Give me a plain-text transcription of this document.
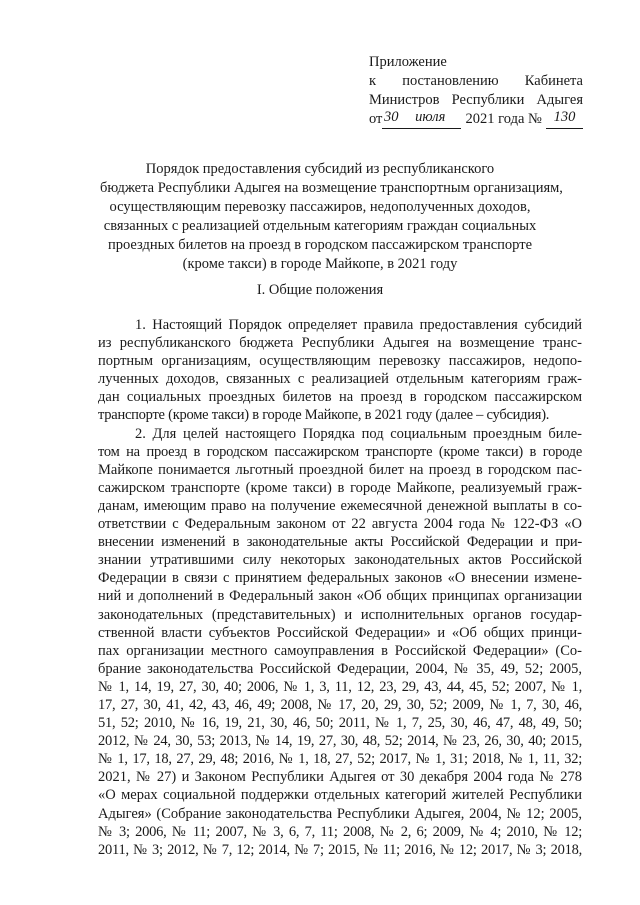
Приложение
к постановлению Кабинета
Министров Республики Адыгея
от 30	июля	2021 года № 130
Порядок предоставления субсидий из республиканского
бюджета Республики Адыгея на возмещение транспортным организациям,
осуществляющим перевозку пассажиров, недополученных доходов,
связанных с реализацией отдельным категориям граждан социальных
проездных билетов на проезд в городском пассажирском транспорте
(кроме такси) в городе Майкопе, в 2021 году
I. Общие положения
1. Настоящий Порядок определяет правила предоставления субсидий
из республиканского бюджета Республики Адыгея на возмещение транс-
портным организациям, осуществляющим перевозку пассажиров, недопо-
лученных доходов, связанных с реализацией отдельным категориям граж-
дан социальных проездных билетов на проезд в городском пассажирском
транспорте (кроме такси) в городе Майкопе, в 2021 году (далее – субсидия).
2. Для целей настоящего Порядка под социальным проездным биле-
том на проезд в городском пассажирском транспорте (кроме такси) в городе
Майкопе понимается льготный проездной билет на проезд в городском пас-
сажирском транспорте (кроме такси) в городе Майкопе, реализуемый граж-
данам, имеющим право на получение ежемесячной денежной выплаты в со-
ответствии с Федеральным законом от 22 августа 2004 года № 122-ФЗ «О
внесении изменений в законодательные акты Российской Федерации и при-
знании утратившими силу некоторых законодательных актов Российской
Федерации в связи с принятием федеральных законов «О внесении измене-
ний и дополнений в Федеральный закон «Об общих принципах организации
законодательных (представительных) и исполнительных органов государ-
ственной власти субъектов Российской Федерации» и «Об общих принци-
пах организации местного самоуправления в Российской Федерации» (Со-
брание законодательства Российской Федерации, 2004, № 35, 49, 52; 2005,
№ 1, 14, 19, 27, 30, 40; 2006, № 1, 3, 11, 12, 23, 29, 43, 44, 45, 52; 2007, № 1,
17, 27, 30, 41, 42, 43, 46, 49; 2008, № 17, 20, 29, 30, 52; 2009, № 1, 7, 30, 46,
51, 52; 2010, № 16, 19, 21, 30, 46, 50; 2011, № 1, 7, 25, 30, 46, 47, 48, 49, 50;
2012, № 24, 30, 53; 2013, № 14, 19, 27, 30, 48, 52; 2014, № 23, 26, 30, 40; 2015,
№ 1, 17, 18, 27, 29, 48; 2016, № 1, 18, 27, 52; 2017, № 1, 31; 2018, № 1, 11, 32;
2021, № 27) и Законом Республики Адыгея от 30 декабря 2004 года № 278
«О мерах социальной поддержки отдельных категорий жителей Республики
Адыгея» (Собрание законодательства Республики Адыгея, 2004, № 12; 2005,
№ 3; 2006, № 11; 2007, № 3, 6, 7, 11; 2008, № 2, 6; 2009, № 4; 2010, № 12;
2011, № 3; 2012, № 7, 12; 2014, № 7; 2015, № 11; 2016, № 12; 2017, № 3; 2018,
